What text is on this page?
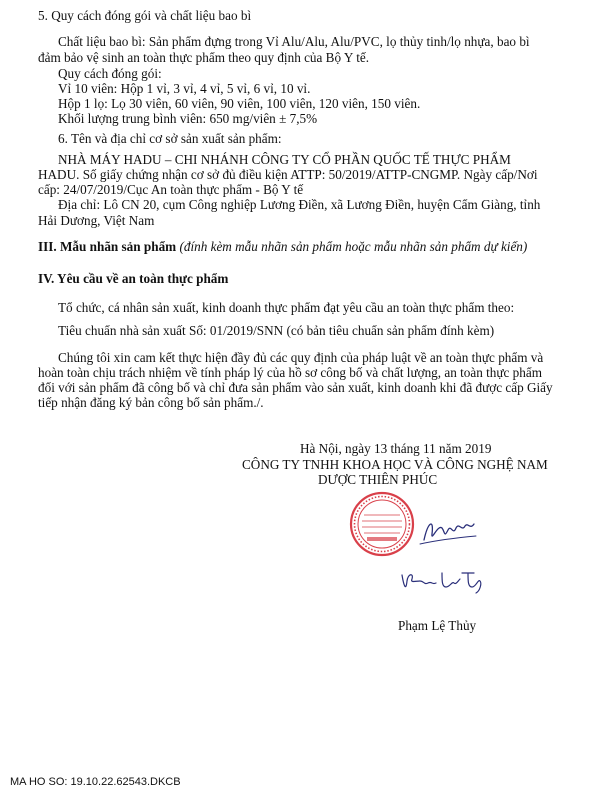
5. Quy cách đóng gói và chất liệu bao bì
Chất liệu bao bì: Sản phẩm đựng trong Vỉ Alu/Alu, Alu/PVC, lọ thủy tinh/lọ nhựa, bao bì
đảm bảo vệ sinh an toàn thực phẩm theo quy định của Bộ Y tế.
Quy cách đóng gói:
Vỉ 10 viên: Hộp 1 vỉ, 3 vỉ, 4 vỉ, 5 vỉ, 6 vỉ, 10 vỉ.
Hộp 1 lọ: Lọ 30 viên, 60 viên, 90 viên, 100 viên, 120 viên, 150 viên.
Khối lượng trung bình viên: 650 mg/viên ± 7,5%
6. Tên và địa chỉ cơ sở sản xuất sản phẩm:
NHÀ MÁY HADU – CHI NHÁNH CÔNG TY CỔ PHẦN QUỐC TẾ THỰC PHẨM
HADU. Số giấy chứng nhận cơ sở đủ điều kiện ATTP: 50/2019/ATTP-CNGMP. Ngày cấp/Nơi
cấp: 24/07/2019/Cục An toàn thực phẩm - Bộ Y tế
Địa chỉ: Lô CN 20, cụm Công nghiệp Lương Điền, xã Lương Điền, huyện Cẩm Giàng, tỉnh
Hải Dương, Việt Nam
III. Mẫu nhãn sản phẩm (đính kèm mẫu nhãn sản phẩm hoặc mẫu nhãn sản phẩm dự kiến)
IV. Yêu cầu về an toàn thực phẩm
Tổ chức, cá nhân sản xuất, kinh doanh thực phẩm đạt yêu cầu an toàn thực phẩm theo:
Tiêu chuẩn nhà sản xuất Số: 01/2019/SNN (có bản tiêu chuẩn sản phẩm đính kèm)
Chúng tôi xin cam kết thực hiện đầy đủ các quy định của pháp luật về an toàn thực phẩm và
hoàn toàn chịu trách nhiệm về tính pháp lý của hồ sơ công bố và chất lượng, an toàn thực phẩm
đối với sản phẩm đã công bố và chỉ đưa sản phẩm vào sản xuất, kinh doanh khi đã được cấp Giấy
tiếp nhận đăng ký bản công bố sản phẩm./.
Hà Nội, ngày 13 tháng 11 năm 2019
CÔNG TY TNHH KHOA HỌC VÀ CÔNG NGHỆ NAM
DƯỢC THIÊN PHÚC
Phạm Lệ Thủy
MA HO SO: 19.10.22.62543.DKCB
